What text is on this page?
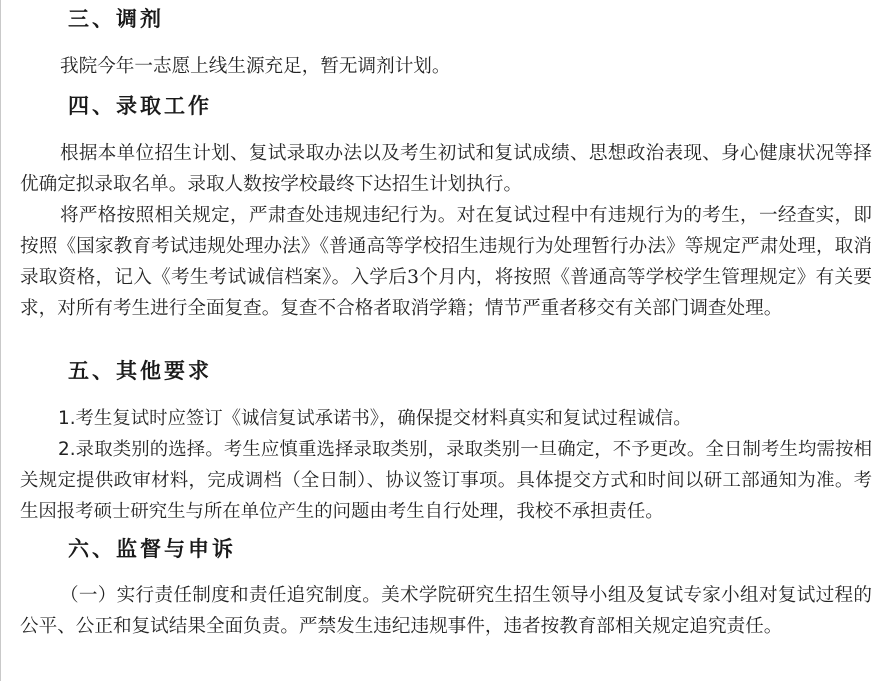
三、调剂

我院今年一志愿上线生源充足，暂无调剂计划。

四、录取工作

根据本单位招生计划、复试录取办法以及考生初试和复试成绩、思想政治表现、身心健康状况等择优确定拟录取名单。录取人数按学校最终下达招生计划执行。

将严格按照相关规定，严肃查处违规违纪行为。对在复试过程中有违规行为的考生，一经查实，即按照《国家教育考试违规处理办法》《普通高等学校招生违规行为处理暂行办法》等规定严肃处理，取消录取资格，记入《考生考试诚信档案》。入学后3个月内，将按照《普通高等学校学生管理规定》有关要求，对所有考生进行全面复查。复查不合格者取消学籍；情节严重者移交有关部门调查处理。

五、其他要求

1.考生复试时应签订《诚信复试承诺书》，确保提交材料真实和复试过程诚信。

2.录取类别的选择。考生应慎重选择录取类别，录取类别一旦确定，不予更改。全日制考生均需按相关规定提供政审材料，完成调档（全日制）、协议签订事项。具体提交方式和时间以研工部通知为准。考生因报考硕士研究生与所在单位产生的问题由考生自行处理，我校不承担责任。

六、监督与申诉

（一）实行责任制度和责任追究制度。美术学院研究生招生领导小组及复试专家小组对复试过程的公平、公正和复试结果全面负责。严禁发生违纪违规事件，违者按教育部相关规定追究责任。
